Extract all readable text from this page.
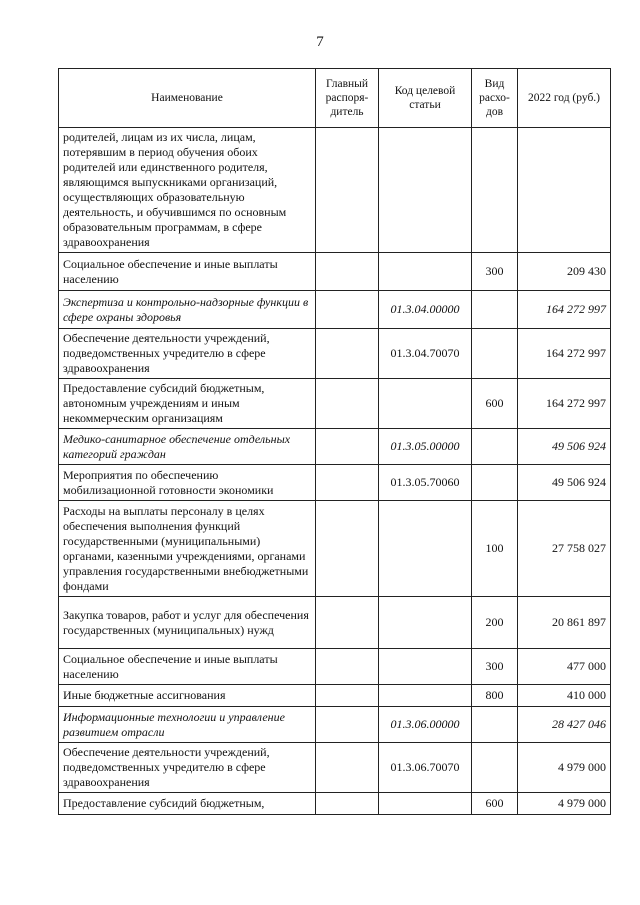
7
Наименование	Главный распоря-дитель	Код целевой статьи	Вид расхо-дов	2022 год (руб.)
родителей, лицам из их числа, лицам, потерявшим в период обучения обоих родителей или единственного родителя, являющимся выпускниками организаций, осуществляющих образовательную деятельность, и обучившимся по основным образовательным программам, в сфере здравоохранения				
Социальное обеспечение и иные выплаты населению			300	209 430
Экспертиза и контрольно-надзорные функции в сфере охраны здоровья		01.3.04.00000		164 272 997
Обеспечение деятельности учреждений, подведомственных учредителю в сфере здравоохранения		01.3.04.70070		164 272 997
Предоставление субсидий бюджетным, автономным учреждениям и иным некоммерческим организациям			600	164 272 997
Медико-санитарное обеспечение отдельных категорий граждан		01.3.05.00000		49 506 924
Мероприятия по обеспечению мобилизационной готовности экономики		01.3.05.70060		49 506 924
Расходы на выплаты персоналу в целях обеспечения выполнения функций государственными (муниципальными) органами, казенными учреждениями, органами управления государственными внебюджетными фондами			100	27 758 027
Закупка товаров, работ и услуг для обеспечения государственных (муниципальных) нужд			200	20 861 897
Социальное обеспечение и иные выплаты населению			300	477 000
Иные бюджетные ассигнования			800	410 000
Информационные технологии и управление развитием отрасли		01.3.06.00000		28 427 046
Обеспечение деятельности учреждений, подведомственных учредителю в сфере здравоохранения		01.3.06.70070		4 979 000
Предоставление субсидий бюджетным,			600	4 979 000
